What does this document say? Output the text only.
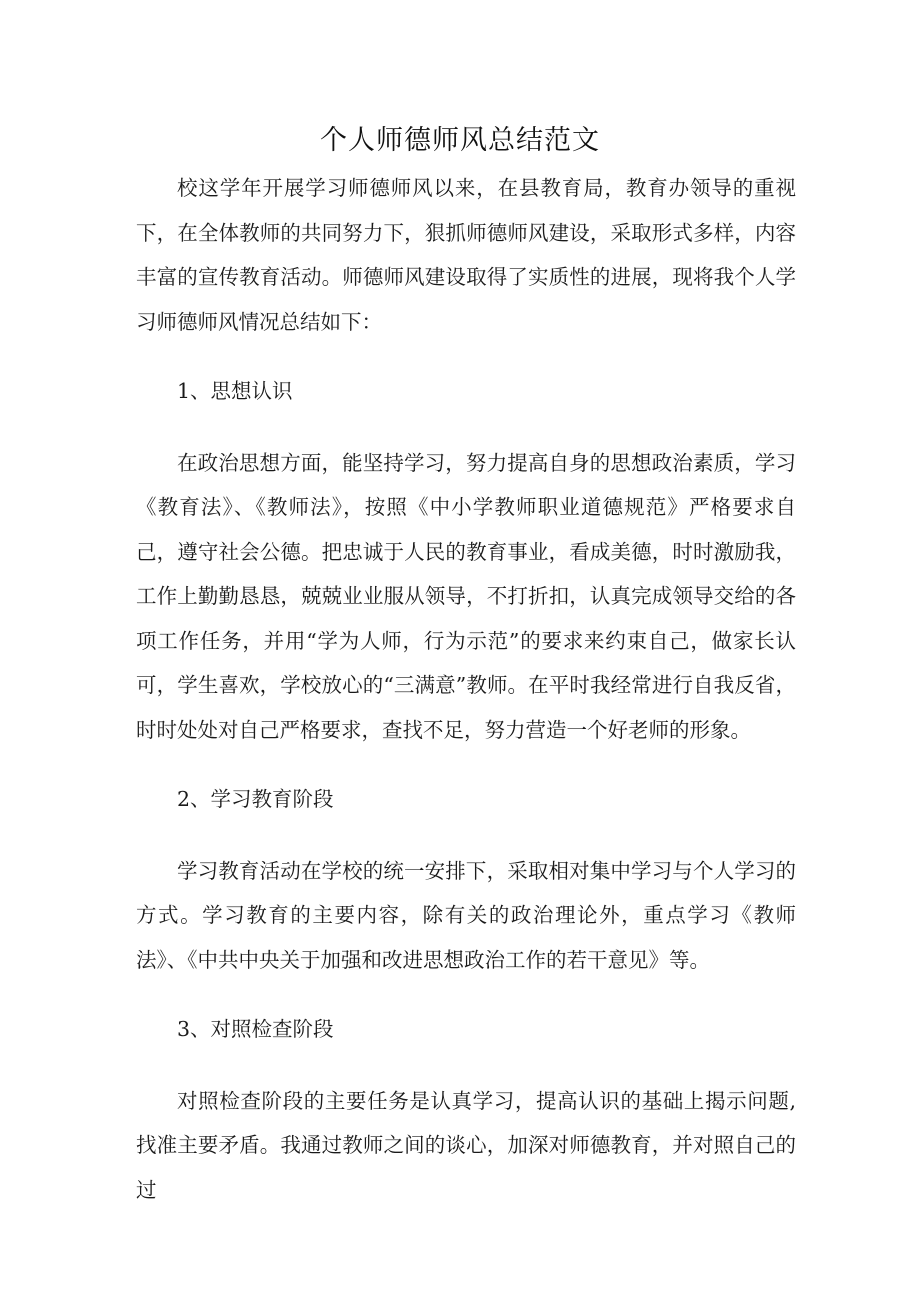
个人师德师风总结范文

校这学年开展学习师德师风以来，在县教育局，教育办领导的重视下，在全体教师的共同努力下，狠抓师德师风建设，采取形式多样，内容丰富的宣传教育活动。师德师风建设取得了实质性的进展，现将我个人学习师德师风情况总结如下：

1、思想认识

在政治思想方面，能坚持学习，努力提高自身的思想政治素质，学习《教育法》、《教师法》，按照《中小学教师职业道德规范》严格要求自己，遵守社会公德。把忠诚于人民的教育事业，看成美德，时时激励我，工作上勤勤恳恳，兢兢业业服从领导，不打折扣，认真完成领导交给的各项工作任务，并用“学为人师，行为示范”的要求来约束自己，做家长认可，学生喜欢，学校放心的“三满意”教师。在平时我经常进行自我反省，时时处处对自己严格要求，查找不足，努力营造一个好老师的形象。

2、学习教育阶段

学习教育活动在学校的统一安排下，采取相对集中学习与个人学习的方式。学习教育的主要内容，除有关的政治理论外，重点学习《教师法》、《中共中央关于加强和改进思想政治工作的若干意见》等。

3、对照检查阶段

对照检查阶段的主要任务是认真学习，提高认识的基础上揭示问题,找准主要矛盾。我通过教师之间的谈心，加深对师德教育，并对照自己的过
